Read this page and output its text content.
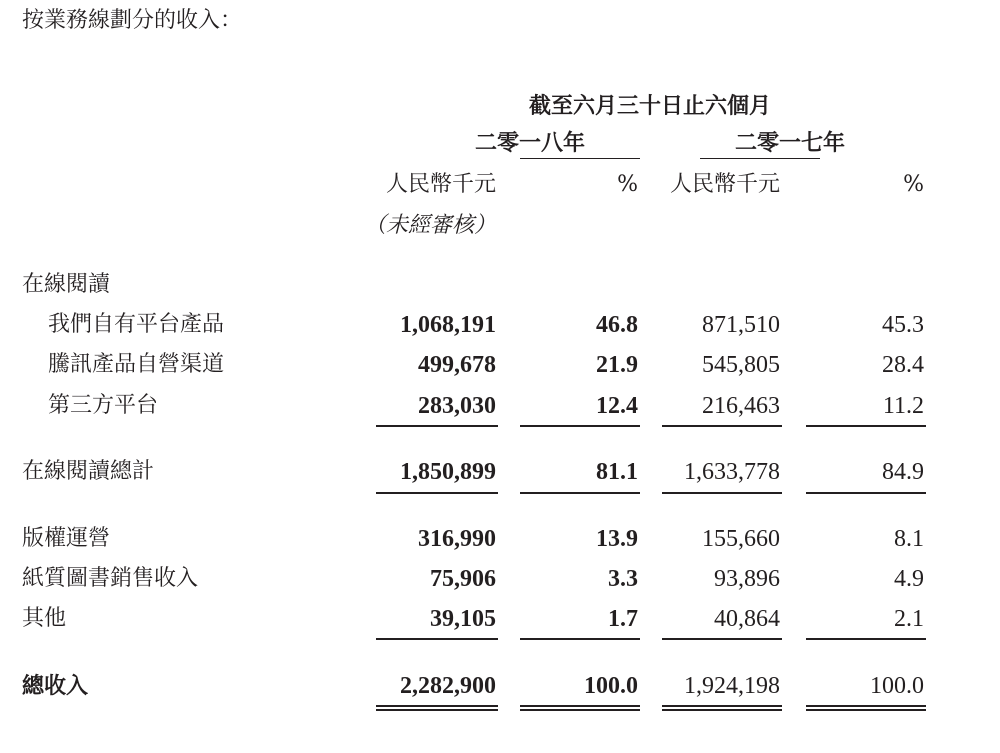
按業務線劃分的收入：
截至六月三十日止六個月
二零一八年	二零一七年
人民幣千元	%	人民幣千元	%
（未經審核）
在線閱讀
我們自有平台產品	1,068,191	46.8	871,510	45.3
騰訊產品自營渠道	499,678	21.9	545,805	28.4
第三方平台	283,030	12.4	216,463	11.2
在線閱讀總計	1,850,899	81.1	1,633,778	84.9
版權運營	316,990	13.9	155,660	8.1
紙質圖書銷售收入	75,906	3.3	93,896	4.9
其他	39,105	1.7	40,864	2.1
總收入	2,282,900	100.0	1,924,198	100.0
